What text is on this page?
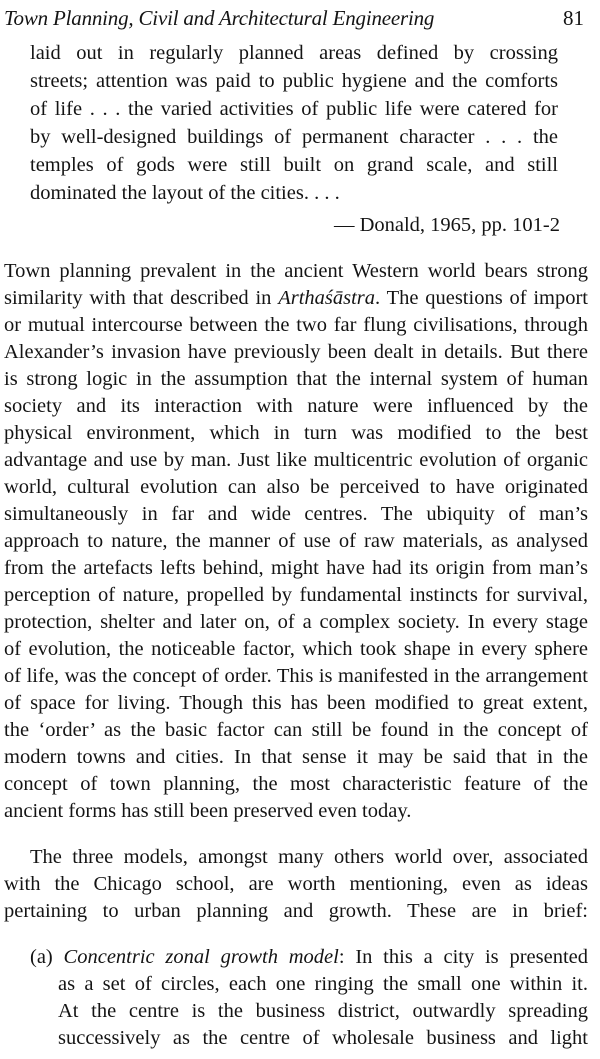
Town Planning, Civil and Architectural Engineering	81
laid out in regularly planned areas defined by crossing
streets; attention was paid to public hygiene and the comforts
of life . . . the varied activities of public life were catered for
by well-designed buildings of permanent character . . . the
temples of gods were still built on grand scale, and still
dominated the layout of the cities. . . .
— Donald, 1965, pp. 101-2
Town planning prevalent in the ancient Western world bears strong
similarity with that described in Arthaśāstra. The questions of import
or mutual intercourse between the two far flung civilisations, through
Alexander’s invasion have previously been dealt in details. But there
is strong logic in the assumption that the internal system of human
society and its interaction with nature were influenced by the
physical environment, which in turn was modified to the best
advantage and use by man. Just like multicentric evolution of organic
world, cultural evolution can also be perceived to have originated
simultaneously in far and wide centres. The ubiquity of man’s
approach to nature, the manner of use of raw materials, as analysed
from the artefacts lefts behind, might have had its origin from man’s
perception of nature, propelled by fundamental instincts for survival,
protection, shelter and later on, of a complex society. In every stage
of evolution, the noticeable factor, which took shape in every sphere
of life, was the concept of order. This is manifested in the arrangement
of space for living. Though this has been modified to great extent,
the ‘order’ as the basic factor can still be found in the concept of
modern towns and cities. In that sense it may be said that in the
concept of town planning, the most characteristic feature of the
ancient forms has still been preserved even today.
The three models, amongst many others world over, associated
with the Chicago school, are worth mentioning, even as ideas
pertaining to urban planning and growth. These are in brief:
(a) Concentric zonal growth model: In this a city is presented
as a set of circles, each one ringing the small one within it.
At the centre is the business district, outwardly spreading
successively as the centre of wholesale business and light
